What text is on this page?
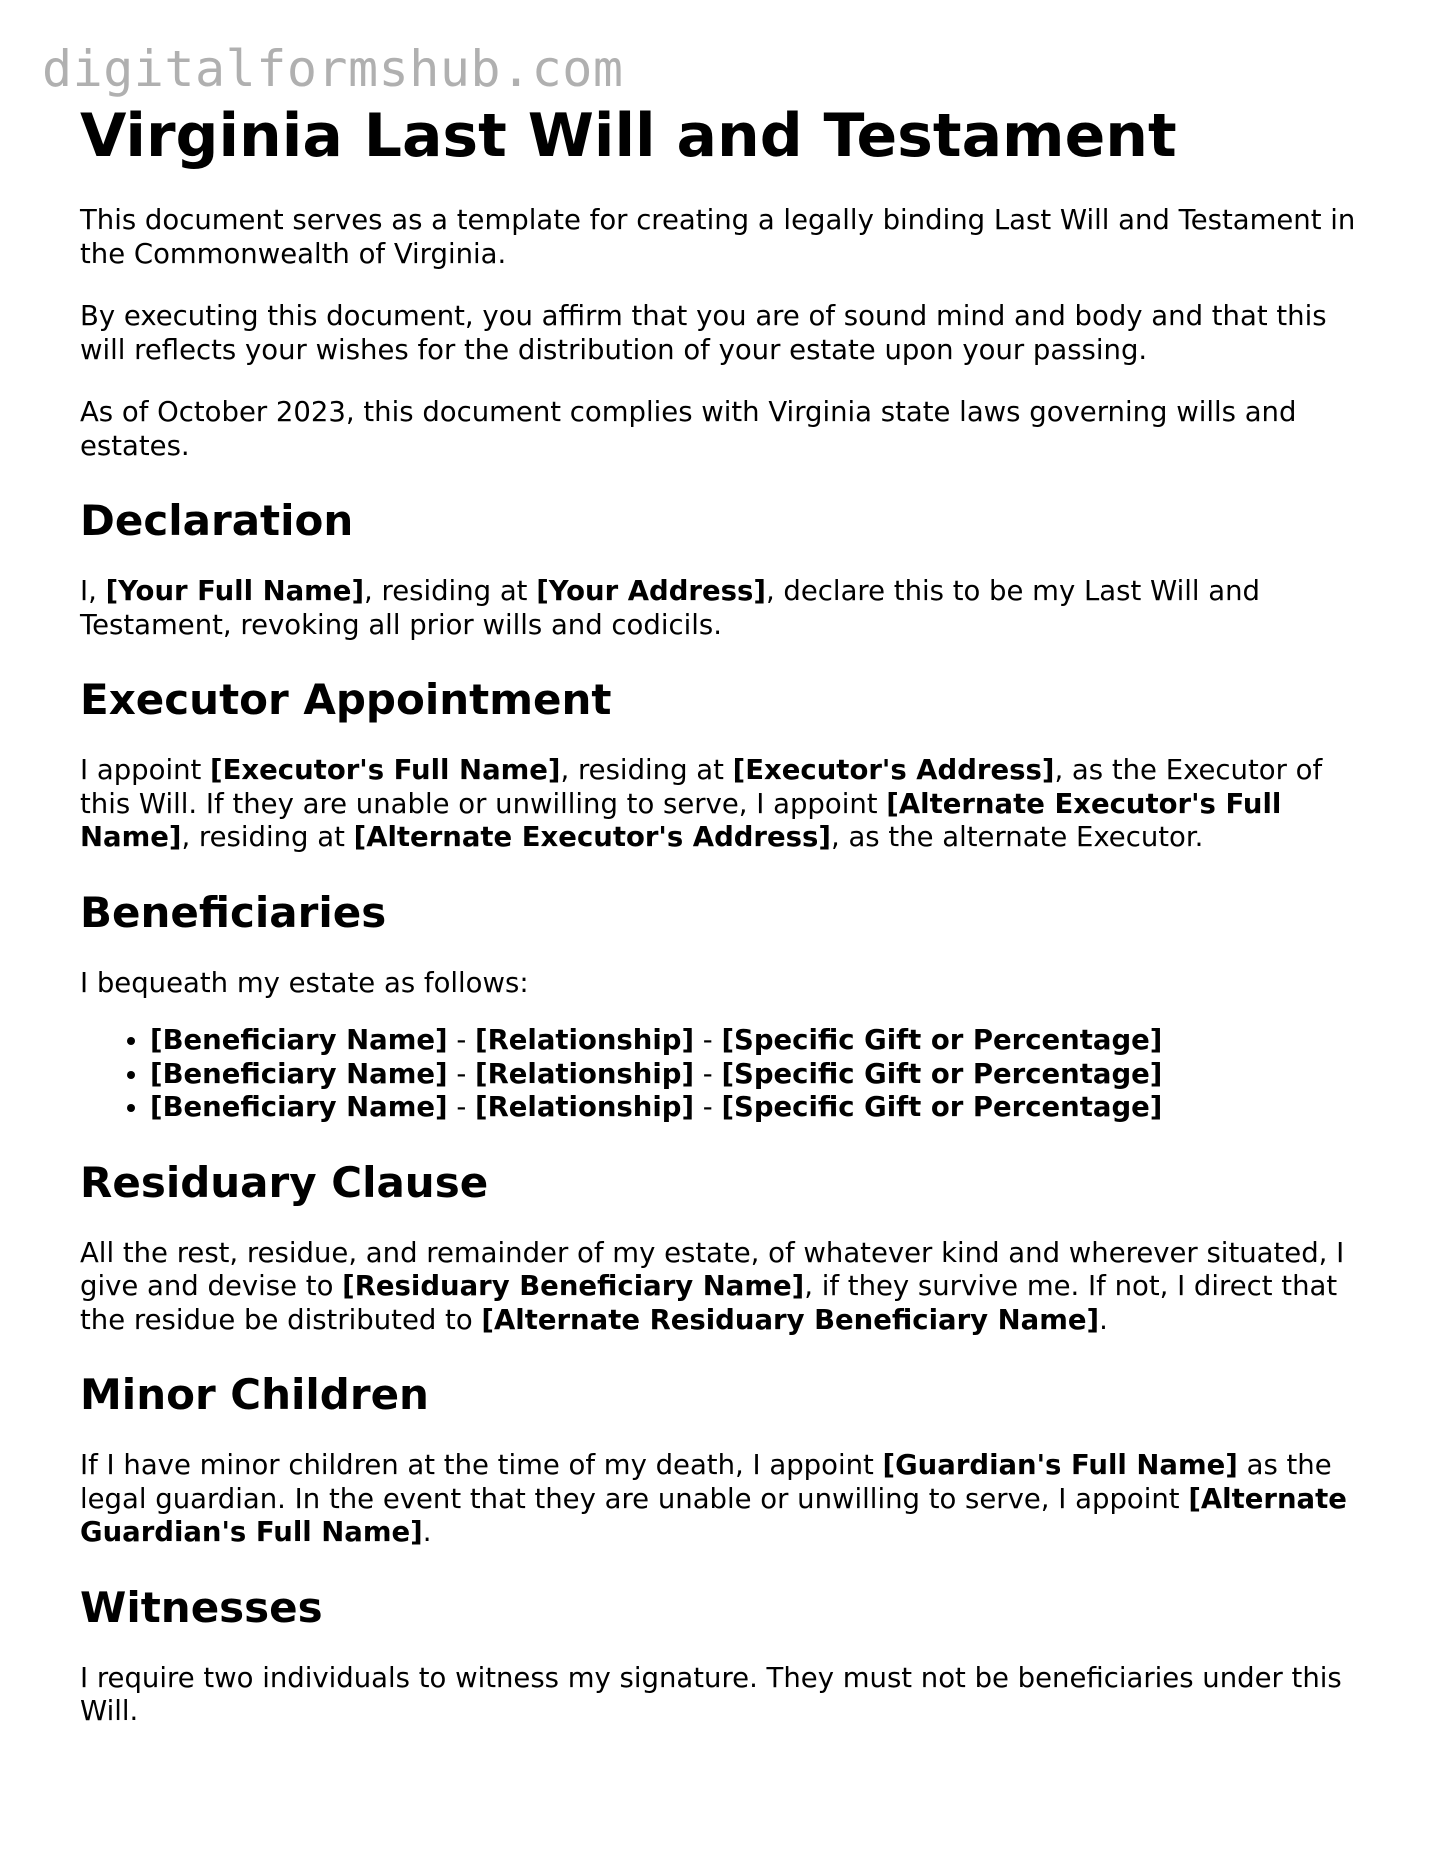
digitalformshub.com
Virginia Last Will and Testament

This document serves as a template for creating a legally binding Last Will and Testament in the Commonwealth of Virginia.

By executing this document, you affirm that you are of sound mind and body and that this will reflects your wishes for the distribution of your estate upon your passing.

As of October 2023, this document complies with Virginia state laws governing wills and estates.

Declaration

I, [Your Full Name], residing at [Your Address], declare this to be my Last Will and Testament, revoking all prior wills and codicils.

Executor Appointment

I appoint [Executor's Full Name], residing at [Executor's Address], as the Executor of this Will. If they are unable or unwilling to serve, I appoint [Alternate Executor's Full Name], residing at [Alternate Executor's Address], as the alternate Executor.

Beneficiaries

I bequeath my estate as follows:

• [Beneficiary Name] - [Relationship] - [Specific Gift or Percentage]
• [Beneficiary Name] - [Relationship] - [Specific Gift or Percentage]
• [Beneficiary Name] - [Relationship] - [Specific Gift or Percentage]
Residuary Clause

All the rest, residue, and remainder of my estate, of whatever kind and wherever situated, I give and devise to [Residuary Beneficiary Name], if they survive me. If not, I direct that the residue be distributed to [Alternate Residuary Beneficiary Name].

Minor Children

If I have minor children at the time of my death, I appoint [Guardian's Full Name] as the legal guardian. In the event that they are unable or unwilling to serve, I appoint [Alternate Guardian's Full Name].

Witnesses

I require two individuals to witness my signature. They must not be beneficiaries under this Will.
